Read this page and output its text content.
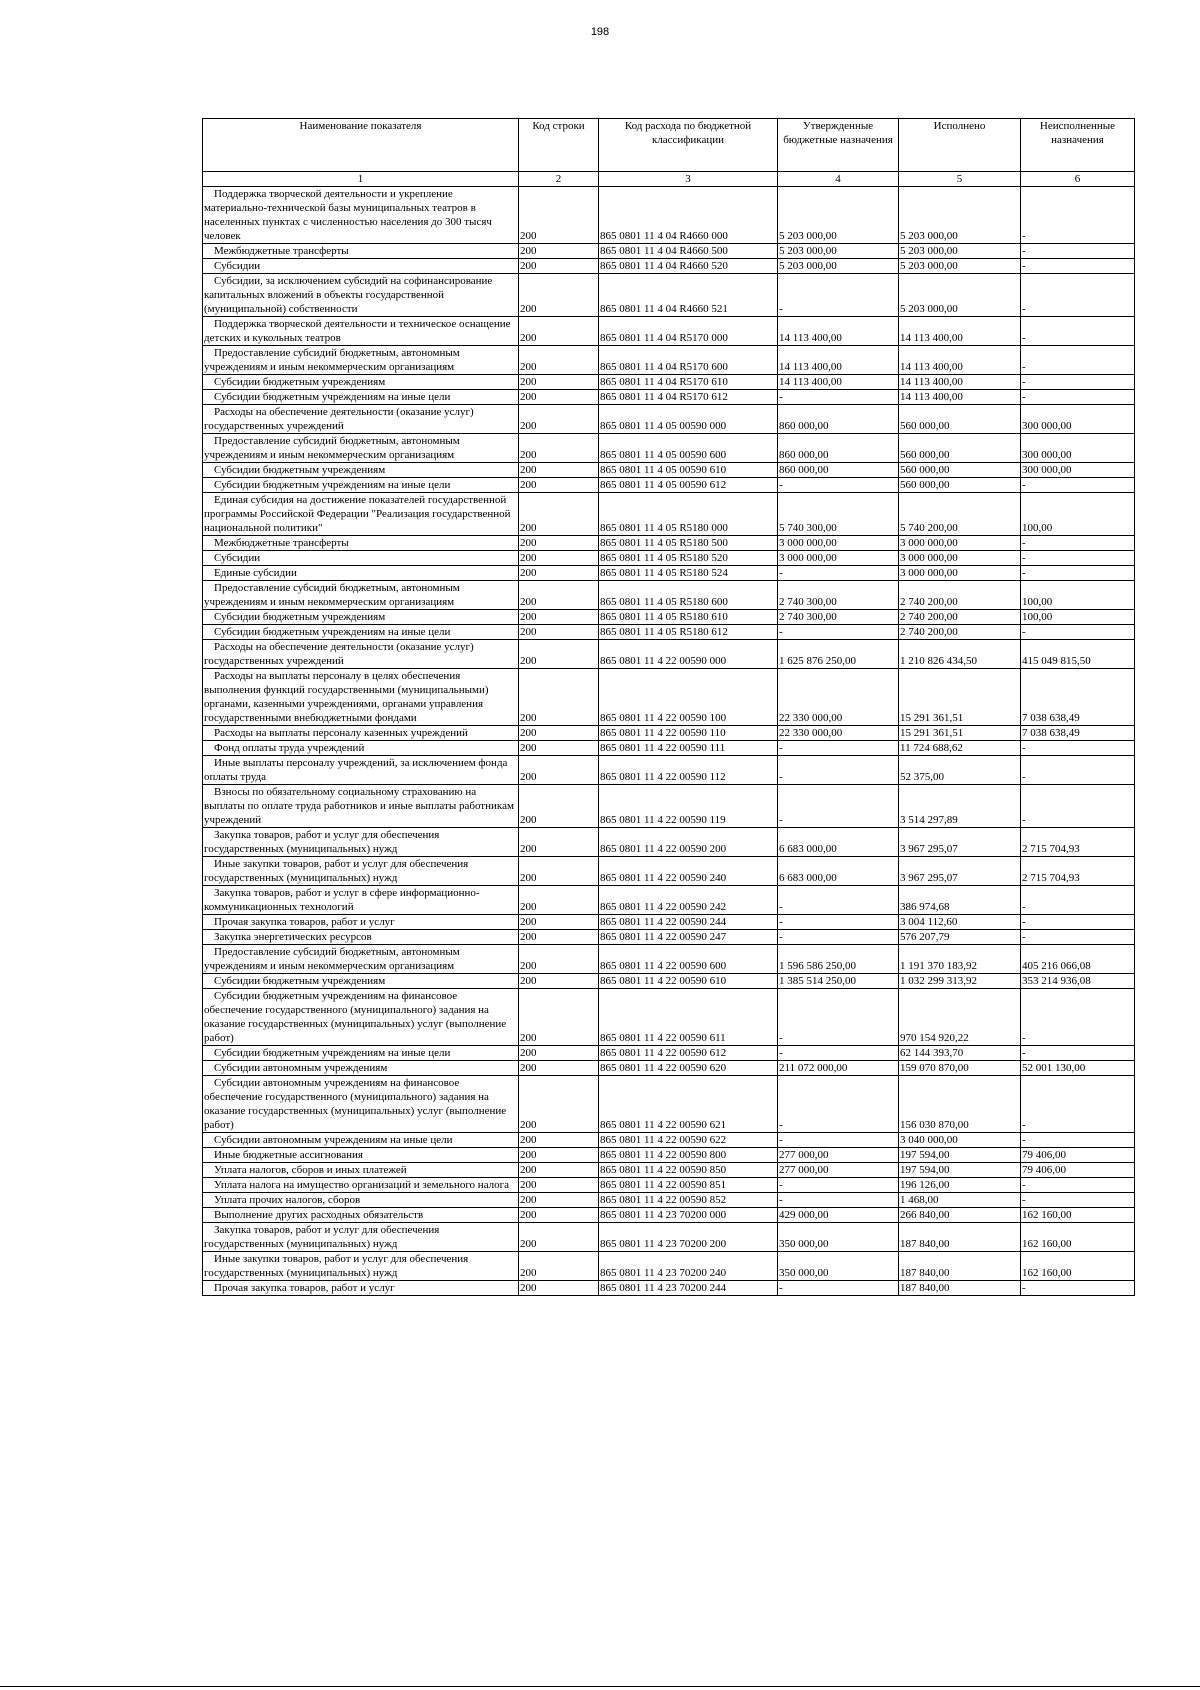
198
Наименование показателя	Код строки	Код расхода по бюджетной классификации	Утвержденные бюджетные назначения	Исполнено	Неисполненные назначения
1	2	3	4	5	6

Поддержка творческой деятельности и укрепление материально-технической базы муниципальных театров в населенных пунктах с численностью населения до 300 тысяч человек	200	865 0801 11 4 04 R4660 000	5 203 000,00	5 203 000,00	-

Межбюджетные трансферты	200	865 0801 11 4 04 R4660 500	5 203 000,00	5 203 000,00	-

Субсидии	200	865 0801 11 4 04 R4660 520	5 203 000,00	5 203 000,00	-

Субсидии, за исключением субсидий на софинансирование капитальных вложений в объекты государственной (муниципальной) собственности	200	865 0801 11 4 04 R4660 521	-	5 203 000,00	-

Поддержка творческой деятельности и техническое оснащение детских и кукольных театров	200	865 0801 11 4 04 R5170 000	14 113 400,00	14 113 400,00	-

Предоставление субсидий бюджетным, автономным учреждениям и иным некоммерческим организациям	200	865 0801 11 4 04 R5170 600	14 113 400,00	14 113 400,00	-

Субсидии бюджетным учреждениям	200	865 0801 11 4 04 R5170 610	14 113 400,00	14 113 400,00	-

Субсидии бюджетным учреждениям на иные цели	200	865 0801 11 4 04 R5170 612	-	14 113 400,00	-

Расходы на обеспечение деятельности (оказание услуг) государственных учреждений	200	865 0801 11 4 05 00590 000	860 000,00	560 000,00	300 000,00

Предоставление субсидий бюджетным, автономным учреждениям и иным некоммерческим организациям	200	865 0801 11 4 05 00590 600	860 000,00	560 000,00	300 000,00

Субсидии бюджетным учреждениям	200	865 0801 11 4 05 00590 610	860 000,00	560 000,00	300 000,00

Субсидии бюджетным учреждениям на иные цели	200	865 0801 11 4 05 00590 612	-	560 000,00	-

Единая субсидия на достижение показателей государственной программы Российской Федерации "Реализация государственной национальной политики"	200	865 0801 11 4 05 R5180 000	5 740 300,00	5 740 200,00	100,00

Межбюджетные трансферты	200	865 0801 11 4 05 R5180 500	3 000 000,00	3 000 000,00	-

Субсидии	200	865 0801 11 4 05 R5180 520	3 000 000,00	3 000 000,00	-

Единые субсидии	200	865 0801 11 4 05 R5180 524	-	3 000 000,00	-

Предоставление субсидий бюджетным, автономным учреждениям и иным некоммерческим организациям	200	865 0801 11 4 05 R5180 600	2 740 300,00	2 740 200,00	100,00

Субсидии бюджетным учреждениям	200	865 0801 11 4 05 R5180 610	2 740 300,00	2 740 200,00	100,00

Субсидии бюджетным учреждениям на иные цели	200	865 0801 11 4 05 R5180 612	-	2 740 200,00	-

Расходы на обеспечение деятельности (оказание услуг) государственных учреждений	200	865 0801 11 4 22 00590 000	1 625 876 250,00	1 210 826 434,50	415 049 815,50

Расходы на выплаты персоналу в целях обеспечения выполнения функций государственными (муниципальными) органами, казенными учреждениями, органами управления государственными внебюджетными фондами	200	865 0801 11 4 22 00590 100	22 330 000,00	15 291 361,51	7 038 638,49

Расходы на выплаты персоналу казенных учреждений	200	865 0801 11 4 22 00590 110	22 330 000,00	15 291 361,51	7 038 638,49

Фонд оплаты труда учреждений	200	865 0801 11 4 22 00590 111	-	11 724 688,62	-

Иные выплаты персоналу учреждений, за исключением фонда оплаты труда	200	865 0801 11 4 22 00590 112	-	52 375,00	-

Взносы по обязательному социальному страхованию на выплаты по оплате труда работников и иные выплаты работникам учреждений	200	865 0801 11 4 22 00590 119	-	3 514 297,89	-

Закупка товаров, работ и услуг для обеспечения государственных (муниципальных) нужд	200	865 0801 11 4 22 00590 200	6 683 000,00	3 967 295,07	2 715 704,93

Иные закупки товаров, работ и услуг для обеспечения государственных (муниципальных) нужд	200	865 0801 11 4 22 00590 240	6 683 000,00	3 967 295,07	2 715 704,93

Закупка товаров, работ и услуг в сфере информационно-коммуникационных технологий	200	865 0801 11 4 22 00590 242	-	386 974,68	-

Прочая закупка товаров, работ и услуг	200	865 0801 11 4 22 00590 244	-	3 004 112,60	-

Закупка энергетических ресурсов	200	865 0801 11 4 22 00590 247	-	576 207,79	-

Предоставление субсидий бюджетным, автономным учреждениям и иным некоммерческим организациям	200	865 0801 11 4 22 00590 600	1 596 586 250,00	1 191 370 183,92	405 216 066,08

Субсидии бюджетным учреждениям	200	865 0801 11 4 22 00590 610	1 385 514 250,00	1 032 299 313,92	353 214 936,08

Субсидии бюджетным учреждениям на финансовое обеспечение государственного (муниципального) задания на оказание государственных (муниципальных) услуг (выполнение работ)	200	865 0801 11 4 22 00590 611	-	970 154 920,22	-

Субсидии бюджетным учреждениям на иные цели	200	865 0801 11 4 22 00590 612	-	62 144 393,70	-

Субсидии автономным учреждениям	200	865 0801 11 4 22 00590 620	211 072 000,00	159 070 870,00	52 001 130,00

Субсидии автономным учреждениям на финансовое обеспечение государственного (муниципального) задания на оказание государственных (муниципальных) услуг (выполнение работ)	200	865 0801 11 4 22 00590 621	-	156 030 870,00	-

Субсидии автономным учреждениям на иные цели	200	865 0801 11 4 22 00590 622	-	3 040 000,00	-

Иные бюджетные ассигнования	200	865 0801 11 4 22 00590 800	277 000,00	197 594,00	79 406,00

Уплата налогов, сборов и иных платежей	200	865 0801 11 4 22 00590 850	277 000,00	197 594,00	79 406,00

Уплата налога на имущество организаций и земельного налога	200	865 0801 11 4 22 00590 851	-	196 126,00	-

Уплата прочих налогов, сборов	200	865 0801 11 4 22 00590 852	-	1 468,00	-

Выполнение других расходных обязательств	200	865 0801 11 4 23 70200 000	429 000,00	266 840,00	162 160,00

Закупка товаров, работ и услуг для обеспечения государственных (муниципальных) нужд	200	865 0801 11 4 23 70200 200	350 000,00	187 840,00	162 160,00

Иные закупки товаров, работ и услуг для обеспечения государственных (муниципальных) нужд	200	865 0801 11 4 23 70200 240	350 000,00	187 840,00	162 160,00

Прочая закупка товаров, работ и услуг	200	865 0801 11 4 23 70200 244	-	187 840,00	-
